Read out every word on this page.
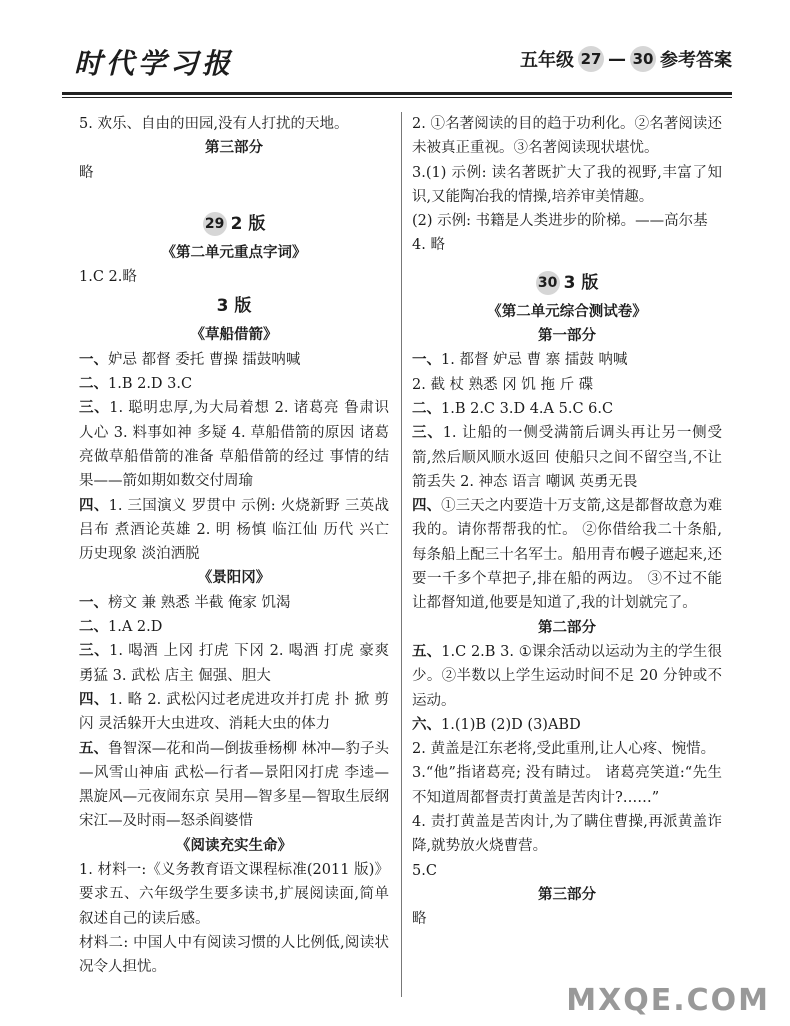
时代学习报	五年级 27 — 30 参考答案

5. 欢乐、自由的田园,没有人打扰的天地。

第三部分

略

29 2 版

《第二单元重点字词》

1.C 2.略

3 版

《草船借箭》

一、妒忌 都督 委托 曹操 擂鼓呐喊

二、1.B 2.D 3.C

三、1. 聪明忠厚,为大局着想 2. 诸葛亮 鲁肃识人心 3. 料事如神 多疑 4. 草船借箭的原因 诸葛亮做草船借箭的准备 草船借箭的经过 事情的结果——箭如期如数交付周瑜

四、1. 三国演义 罗贯中 示例: 火烧新野 三英战吕布 煮酒论英雄 2. 明 杨慎 临江仙 历代 兴亡 历史现象 淡泊洒脱

《景阳冈》

一、榜文 兼 熟悉 半截 俺家 饥渴

二、1.A 2.D

三、1. 喝酒 上冈 打虎 下冈 2. 喝酒 打虎 豪爽 勇猛 3. 武松 店主 倔强、胆大

四、1. 略 2. 武松闪过老虎进攻并打虎 扑 掀 剪 闪 灵活躲开大虫进攻、消耗大虫的体力

五、鲁智深—花和尚—倒拔垂杨柳 林冲—豹子头—风雪山神庙 武松—行者—景阳冈打虎 李逵—黑旋风—元夜闹东京 吴用—智多星—智取生辰纲 宋江—及时雨—怒杀阎婆惜

《阅读充实生命》

1. 材料一:《义务教育语文课程标准(2011 版)》要求五、六年级学生要多读书,扩展阅读面,简单叙述自己的读后感。

材料二: 中国人中有阅读习惯的人比例低,阅读状况令人担忧。

2. ①名著阅读的目的趋于功利化。②名著阅读还未被真正重视。③名著阅读现状堪忧。

3.(1) 示例: 读名著既扩大了我的视野,丰富了知识,又能陶冶我的情操,培养审美情趣。

(2) 示例: 书籍是人类进步的阶梯。——高尔基

4. 略

30 3 版

《第二单元综合测试卷》

第一部分

一、1. 都督 妒忌 曹 寨 擂鼓 呐喊

2. 截 杖 熟悉 冈 饥 拖 斤 碟

二、1.B 2.C 3.D 4.A 5.C 6.C

三、1. 让船的一侧受满箭后调头再让另一侧受箭,然后顺风顺水返回 使船只之间不留空当,不让箭丢失 2. 神态 语言 嘲讽 英勇无畏

四、①三天之内要造十万支箭,这是都督故意为难我的。请你帮帮我的忙。 ②你借给我二十条船,每条船上配三十名军士。船用青布幔子遮起来,还要一千多个草把子,排在船的两边。 ③不过不能让都督知道,他要是知道了,我的计划就完了。

第二部分

五、1.C 2.B 3. ①课余活动以运动为主的学生很少。②半数以上学生运动时间不足 20 分钟或不运动。

六、1.(1)B (2)D (3)ABD

2. 黄盖是江东老将,受此重刑,让人心疼、惋惜。

3.“他”指诸葛亮; 没有睛过。 诸葛亮笑道:“先生不知道周都督责打黄盖是苦肉计?……”

4. 责打黄盖是苦肉计,为了瞒住曹操,再派黄盖诈降,就势放火烧曹营。

5.C

第三部分

略

MXQE.COM
